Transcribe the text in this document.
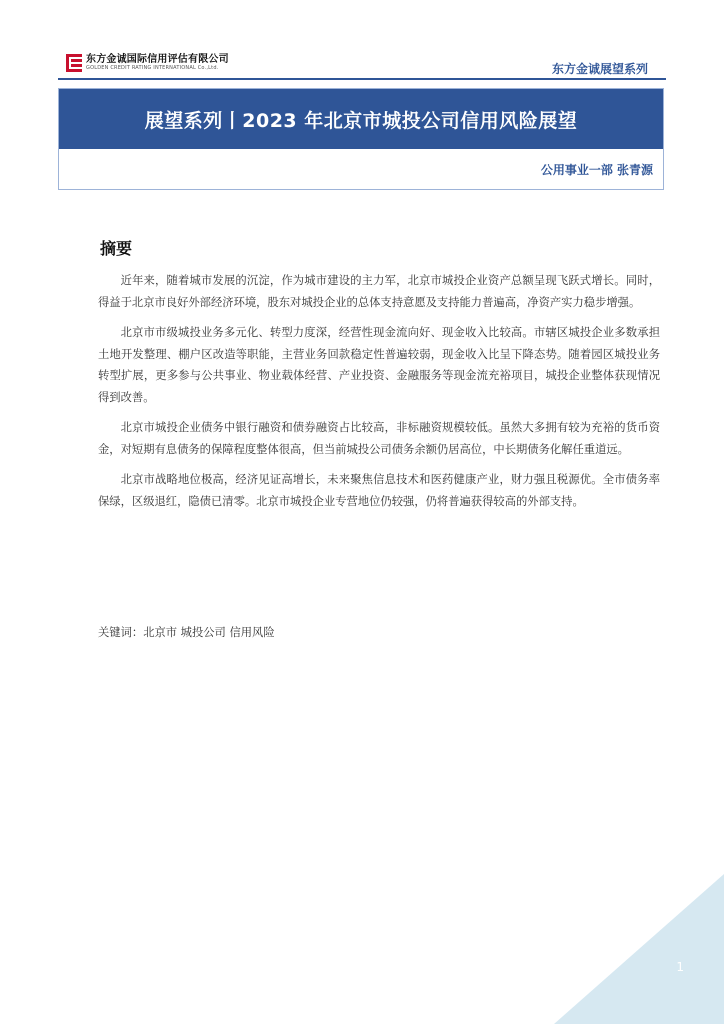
东方金诚国际信用评估有限公司
GOLDEN CREDIT RATING INTERNATIONAL Co.,Ltd.	东方金诚展望系列
展望系列丨2023 年北京市城投公司信用风险展望
公用事业一部 张青源
摘要

近年来，随着城市发展的沉淀，作为城市建设的主力军，北京市城投企业资产总额呈现飞跃式增长。同时，得益于北京市良好外部经济环境，股东对城投企业的总体支持意愿及支持能力普遍高，净资产实力稳步增强。

北京市市级城投业务多元化、转型力度深，经营性现金流向好、现金收入比较高。市辖区城投企业多数承担土地开发整理、棚户区改造等职能，主营业务回款稳定性普遍较弱，现金收入比呈下降态势。随着园区城投业务转型扩展，更多参与公共事业、物业载体经营、产业投资、金融服务等现金流充裕项目，城投企业整体获现情况得到改善。

北京市城投企业债务中银行融资和债券融资占比较高，非标融资规模较低。虽然大多拥有较为充裕的货币资金，对短期有息债务的保障程度整体很高，但当前城投公司债务余额仍居高位，中长期债务化解任重道远。

北京市战略地位极高，经济见证高增长，未来聚焦信息技术和医药健康产业，财力强且税源优。全市债务率保绿，区级退红，隐债已清零。北京市城投企业专营地位仍较强，仍将普遍获得较高的外部支持。

关键词：北京市 城投公司 信用风险
1
